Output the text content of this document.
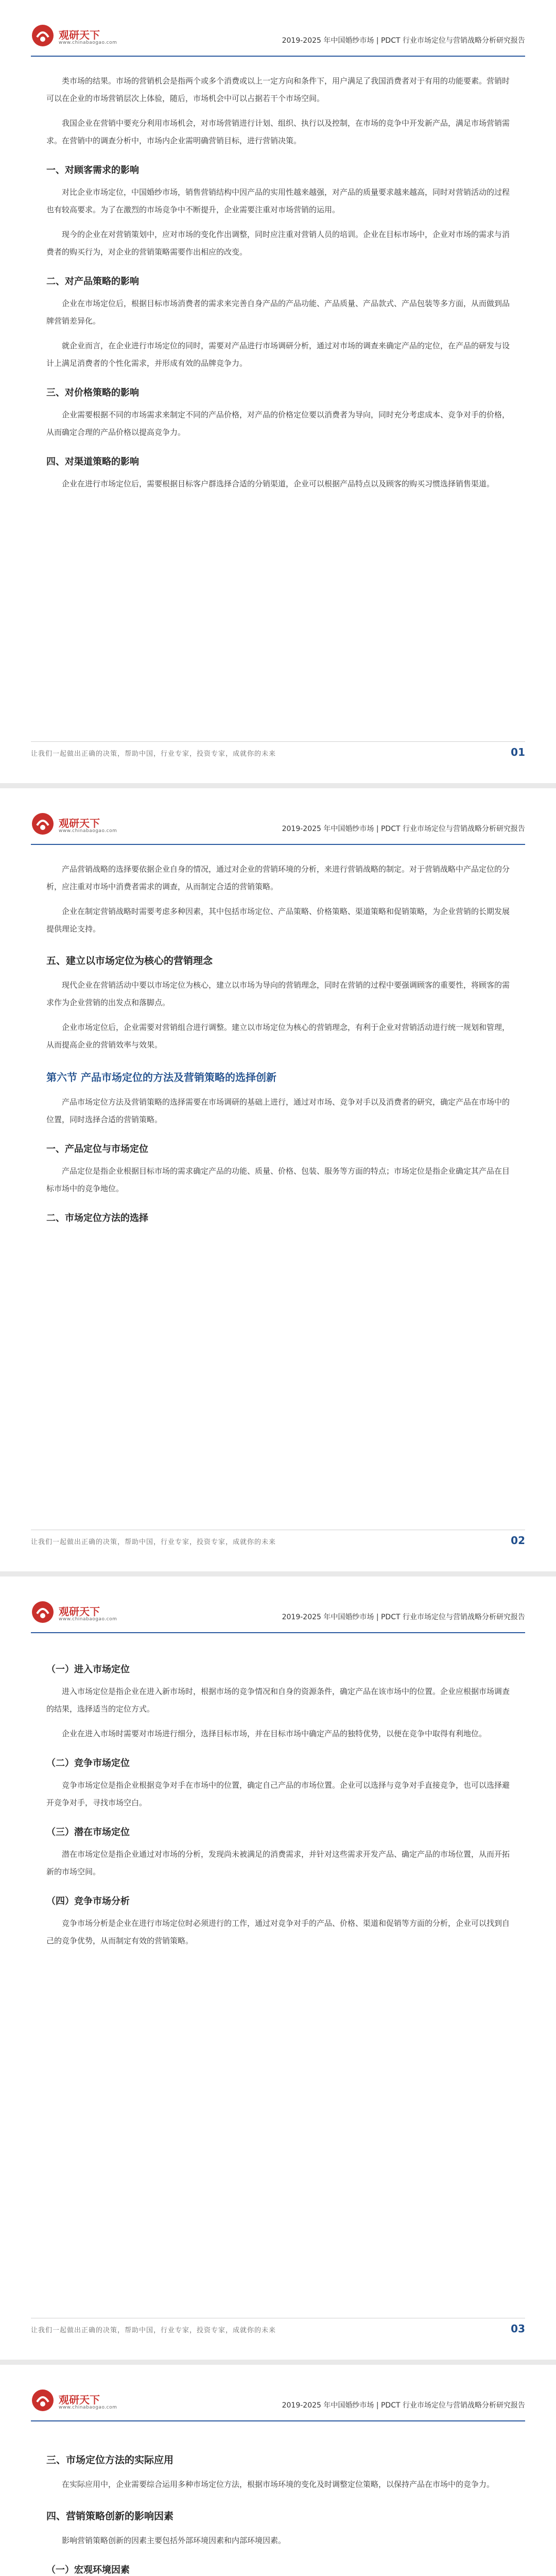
观研天下
www.chinabaogao.com	2019-2025 年中国婚纱市场 | PDCT 行业市场定位与营销战略分析研究报告

类市场的结果。市场的营销机会是指两个或多个消费或以上一定方向和条件下，用户满足了我国消费者对于有用的功能要素。营销时可以在企业的市场营销层次上体验，随后，市场机会中可以占据若干个市场空间。

我国企业在营销中要充分利用市场机会，对市场营销进行计划、组织、执行以及控制，在市场的竞争中开发新产品，满足市场营销需求。在营销中的调查分析中，市场内企业需明确营销目标，进行营销决策。

一、对顾客需求的影响

对比企业市场定位，中国婚纱市场，销售营销结构中因产品的实用性越来越强，对产品的质量要求越来越高，同时对营销活动的过程也有较高要求。为了在激烈的市场竞争中不断提升，企业需要注重对市场营销的运用。

现今的企业在对营销策划中，应对市场的变化作出调整，同时应注重对营销人员的培训。企业在目标市场中，企业对市场的需求与消费者的购买行为，对企业的营销策略需要作出相应的改变。

二、对产品策略的影响

企业在市场定位后，根据目标市场消费者的需求来完善自身产品的产品功能、产品质量、产品款式、产品包装等多方面，从而做到品牌营销差异化。

就企业而言，在企业进行市场定位的同时，需要对产品进行市场调研分析，通过对市场的调查来确定产品的定位，在产品的研发与设计上满足消费者的个性化需求，并形成有效的品牌竞争力。

三、对价格策略的影响

企业需要根据不同的市场需求来制定不同的产品价格，对产品的价格定位要以消费者为导向，同时充分考虑成本、竞争对手的价格，从而确定合理的产品价格以提高竞争力。

四、对渠道策略的影响

企业在进行市场定位后，需要根据目标客户群选择合适的分销渠道，企业可以根据产品特点以及顾客的购买习惯选择销售渠道。

让我们一起做出正确的决策，帮助中国，行业专家，投资专家，成就你的未来	01
观研天下
www.chinabaogao.com	2019-2025 年中国婚纱市场 | PDCT 行业市场定位与营销战略分析研究报告

产品营销战略的选择要依据企业自身的情况，通过对企业的营销环境的分析，来进行营销战略的制定。对于营销战略中产品定位的分析，应注重对市场中消费者需求的调查，从而制定合适的营销策略。

企业在制定营销战略时需要考虑多种因素，其中包括市场定位、产品策略、价格策略、渠道策略和促销策略，为企业营销的长期发展提供理论支持。

五、建立以市场定位为核心的营销理念

现代企业在营销活动中要以市场定位为核心，建立以市场为导向的营销理念，同时在营销的过程中要强调顾客的重要性，将顾客的需求作为企业营销的出发点和落脚点。

企业市场定位后，企业需要对营销组合进行调整。建立以市场定位为核心的营销理念，有利于企业对营销活动进行统一规划和管理，从而提高企业的营销效率与效果。

第六节 产品市场定位的方法及营销策略的选择创新

产品市场定位方法及营销策略的选择需要在市场调研的基础上进行，通过对市场、竞争对手以及消费者的研究，确定产品在市场中的位置，同时选择合适的营销策略。

一、产品定位与市场定位

产品定位是指企业根据目标市场的需求确定产品的功能、质量、价格、包装、服务等方面的特点；市场定位是指企业确定其产品在目标市场中的竞争地位。

二、市场定位方法的选择
让我们一起做出正确的决策，帮助中国，行业专家，投资专家，成就你的未来	02
观研天下
www.chinabaogao.com	2019-2025 年中国婚纱市场 | PDCT 行业市场定位与营销战略分析研究报告
（一）进入市场定位

进入市场定位是指企业在进入新市场时，根据市场的竞争情况和自身的资源条件，确定产品在该市场中的位置。企业应根据市场调查的结果，选择适当的定位方式。

企业在进入市场时需要对市场进行细分，选择目标市场，并在目标市场中确定产品的独特优势，以便在竞争中取得有利地位。

（二）竞争市场定位

竞争市场定位是指企业根据竞争对手在市场中的位置，确定自己产品的市场位置。企业可以选择与竞争对手直接竞争，也可以选择避开竞争对手，寻找市场空白。

（三）潜在市场定位

潜在市场定位是指企业通过对市场的分析，发现尚未被满足的消费需求，并针对这些需求开发产品、确定产品的市场位置，从而开拓新的市场空间。

（四）竞争市场分析

竞争市场分析是企业在进行市场定位时必须进行的工作，通过对竞争对手的产品、价格、渠道和促销等方面的分析，企业可以找到自己的竞争优势，从而制定有效的营销策略。

让我们一起做出正确的决策，帮助中国，行业专家，投资专家，成就你的未来	03
观研天下
www.chinabaogao.com	2019-2025 年中国婚纱市场 | PDCT 行业市场定位与营销战略分析研究报告
三、市场定位方法的实际应用

在实际应用中，企业需要综合运用多种市场定位方法，根据市场环境的变化及时调整定位策略，以保持产品在市场中的竞争力。

四、营销策略创新的影响因素

影响营销策略创新的因素主要包括外部环境因素和内部环境因素。

（一）宏观环境因素
